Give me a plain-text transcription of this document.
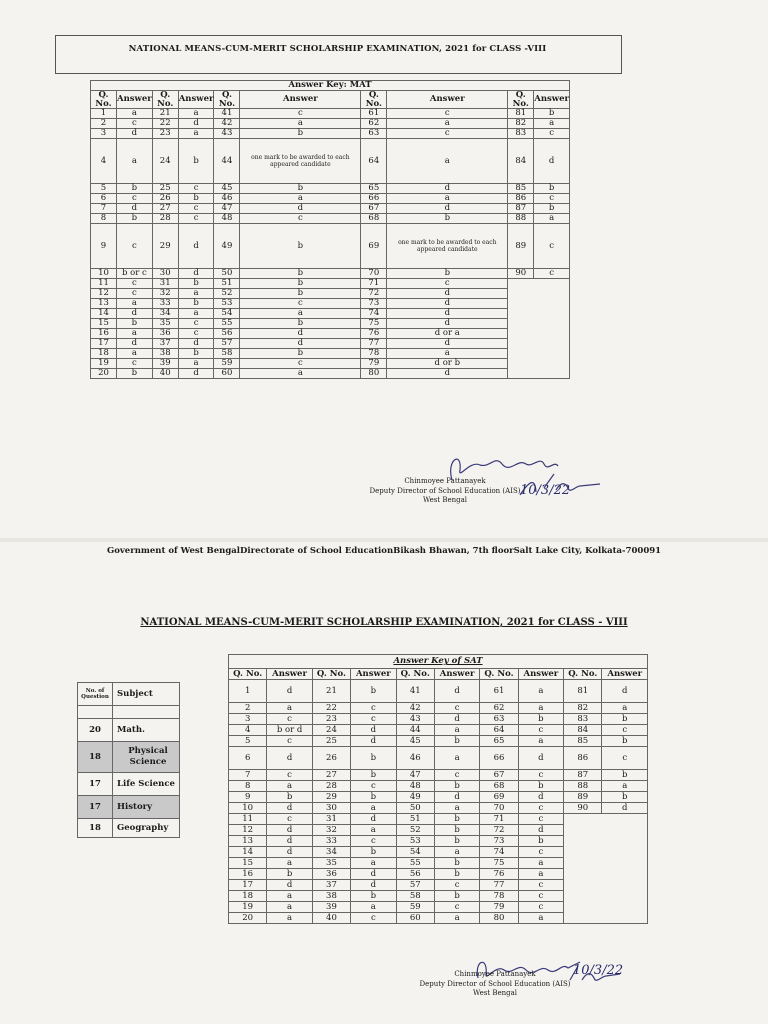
NATIONAL MEANS-CUM-MERIT SCHOLARSHIP EXAMINATION, 2021 for CLASS -VIII
Answer Key: MAT									
Q. No.	Answer	Q. No.	Answer	Q. No.	Answer	Q. No.	Answer	Q. No.	Answer
1	a	21	a	41	c	61	c	81	b
2	c	22	d	42	a	62	a	82	a
3	d	23	a	43	b	63	c	83	c
4	a	24	b	44	one mark to be awarded to each appeared candidate	64	a	84	d
5	b	25	c	45	b	65	d	85	b
6	c	26	b	46	a	66	a	86	c
7	d	27	c	47	d	67	d	87	b
8	b	28	c	48	c	68	b	88	a
9	c	29	d	49	b	69	one mark to be awarded to each appeared candidate	89	c
10	b or c	30	d	50	b	70	b	90	c
11	c	31	b	51	b	71	c		
12	c	32	a	52	b	72	d		
13	a	33	b	53	c	73	d		
14	d	34	a	54	a	74	d		
15	b	35	c	55	b	75	d		
16	a	36	c	56	d	76	d or a		
17	d	37	d	57	d	77	d		
18	a	38	b	58	b	78	a		
19	c	39	a	59	c	79	d or b		
20	b	40	d	60	a	80	d		
Chinmoyee Pattanayek
Deputy Director of School Education (AIS)
West Bengal
10/3/22
Government of West BengalDirectorate of School EducationBikash Bhawan, 7th floorSalt Lake City, Kolkata-700091
NATIONAL MEANS-CUM-MERIT SCHOLARSHIP EXAMINATION, 2021 for CLASS - VIII
No. of Question	Subject

20	Math.
18	Physical Science
17	Life Science
17	History
18	Geography
Answer Key of SAT									
Q. No.	Answer	Q. No.	Answer	Q. No.	Answer	Q. No.	Answer	Q. No.	Answer
1	d	21	b	41	d	61	a	81	d
2	a	22	c	42	c	62	a	82	a
3	c	23	c	43	d	63	b	83	b
4	b or d	24	d	44	a	64	c	84	c
5	c	25	d	45	b	65	a	85	b
6	d	26	b	46	a	66	d	86	c
7	c	27	b	47	c	67	c	87	b
8	a	28	c	48	b	68	b	88	a
9	b	29	b	49	d	69	d	89	b
10	d	30	a	50	a	70	c	90	d
11	c	31	d	51	b	71	c		
12	d	32	a	52	b	72	d		
13	d	33	c	53	b	73	b		
14	d	34	b	54	a	74	c		
15	a	35	a	55	b	75	a		
16	b	36	d	56	b	76	a		
17	d	37	d	57	c	77	c		
18	a	38	b	58	b	78	c		
19	a	39	a	59	c	79	c		
20	a	40	c	60	a	80	a		
Chinmoyee Pattanayek
Deputy Director of School Education (AIS)
West Bengal
10/3/22
